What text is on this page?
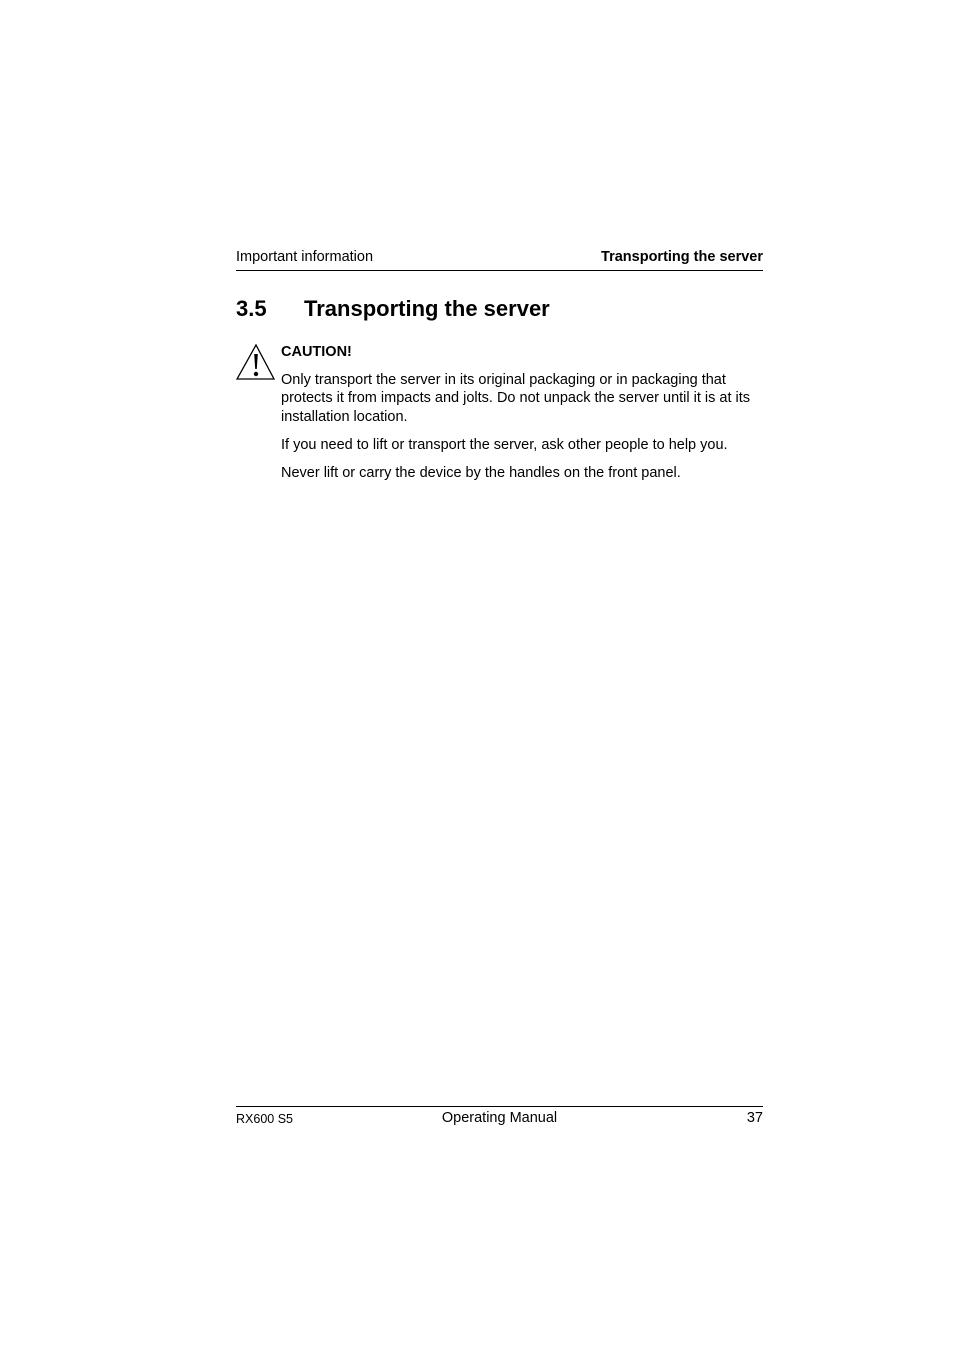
Important information	Transporting the server
3.5 Transporting the server
CAUTION!

Only transport the server in its original packaging or in packaging that protects it from impacts and jolts. Do not unpack the server until it is at its installation location.

If you need to lift or transport the server, ask other people to help you.

Never lift or carry the device by the handles on the front panel.

RX600 S5	Operating Manual	37
